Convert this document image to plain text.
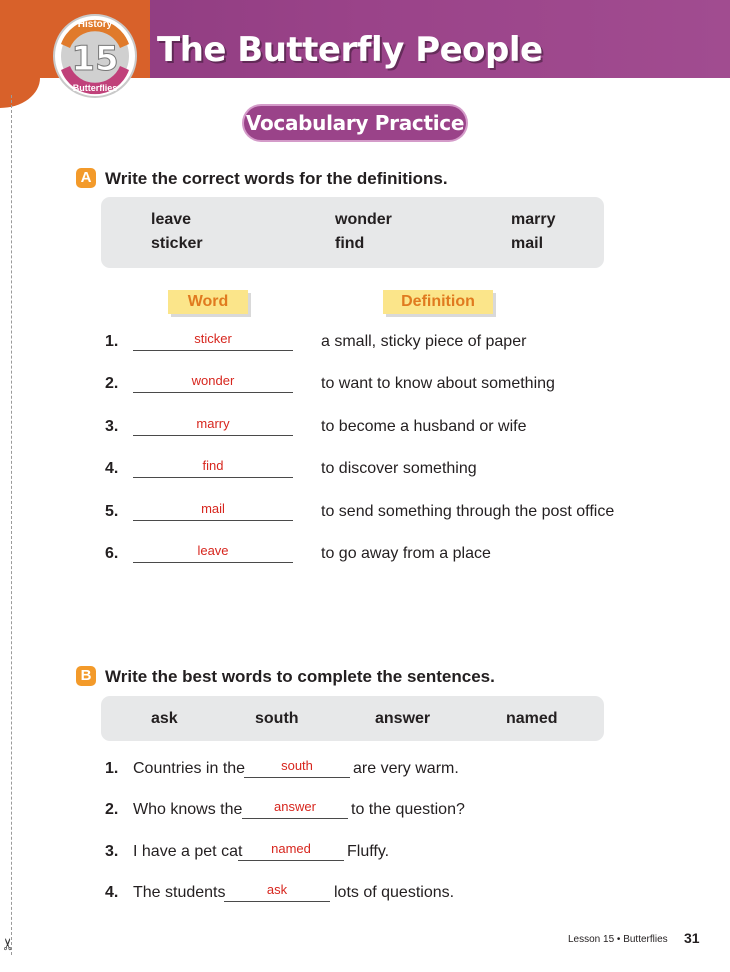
The Butterfly People
15
History
Butterflies
✂
Vocabulary Practice
A Write the correct words for the definitions.
leave	wonder	marry
sticker	find	mail
Word	Definition
1.	sticker	a small, sticky piece of paper
2.	wonder	to want to know about something
3.	marry	to become a husband or wife
4.	find	to discover something
5.	mail	to send something through the post office
6.	leave	to go away from a place
B Write the best words to complete the sentences.
ask	south	answer	named
1. Countries in the	south	are very warm.
2. Who knows the	answer	to the question?
3. I have a pet cat	named	Fluffy.
4. The students	ask	lots of questions.
Lesson 15 • Butterflies 31
